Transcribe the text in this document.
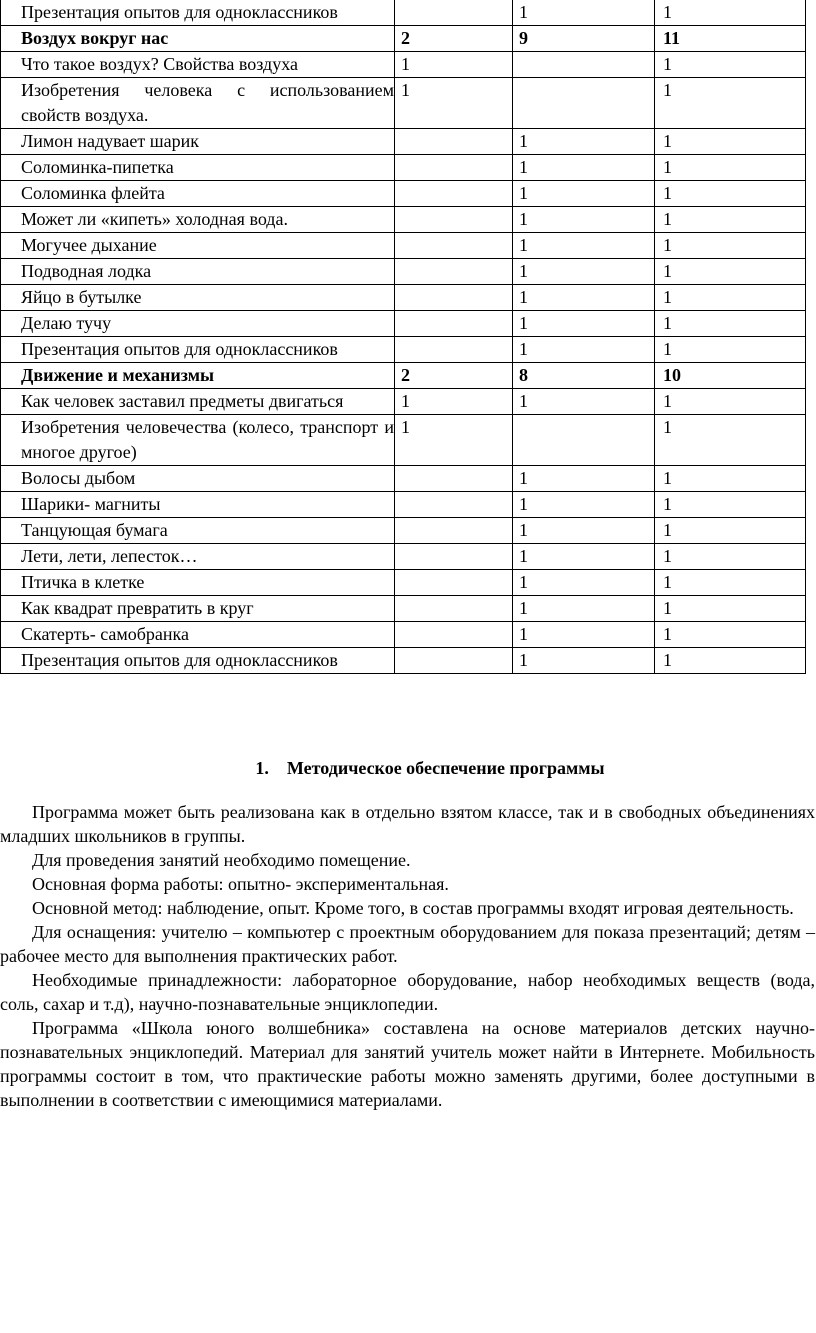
Презентация опытов для одноклассников		1	1
Воздух вокруг нас	2	9	11
Что такое воздух? Свойства воздуха	1		1
Изобретения человека с использованием свойств воздуха.	1		1
Лимон надувает шарик		1	1
Соломинка-пипетка		1	1
Соломинка флейта		1	1
Может ли «кипеть» холодная вода.		1	1
Могучее дыхание		1	1
Подводная лодка		1	1
Яйцо в бутылке		1	1
Делаю тучу		1	1
Презентация опытов для одноклассников		1	1
Движение и механизмы	2	8	10
Как человек заставил предметы двигаться	1	1	1
Изобретения человечества (колесо, транспорт и многое другое)	1		1
Волосы дыбом		1	1
Шарики- магниты		1	1
Танцующая бумага		1	1
Лети, лети, лепесток…		1	1
Птичка в клетке		1	1
Как квадрат превратить в круг		1	1
Скатерть- самобранка		1	1
Презентация опытов для одноклассников		1	1
1. Методическое обеспечение программы

Программа может быть реализована как в отдельно взятом классе, так и в свободных объединениях младших школьников в группы.

Для проведения занятий необходимо помещение.

Основная форма работы: опытно- экспериментальная.

Основной метод: наблюдение, опыт. Кроме того, в состав программы входят игровая деятельность.

Для оснащения: учителю – компьютер с проектным оборудованием для показа презентаций; детям – рабочее место для выполнения практических работ.

Необходимые принадлежности: лабораторное оборудование, набор необходимых веществ (вода, соль, сахар и т.д), научно-познавательные энциклопедии.

Программа «Школа юного волшебника» составлена на основе материалов детских научно-познавательных энциклопедий. Материал для занятий учитель может найти в Интернете. Мобильность программы состоит в том, что практические работы можно заменять другими, более доступными в выполнении в соответствии с имеющимися материалами.
